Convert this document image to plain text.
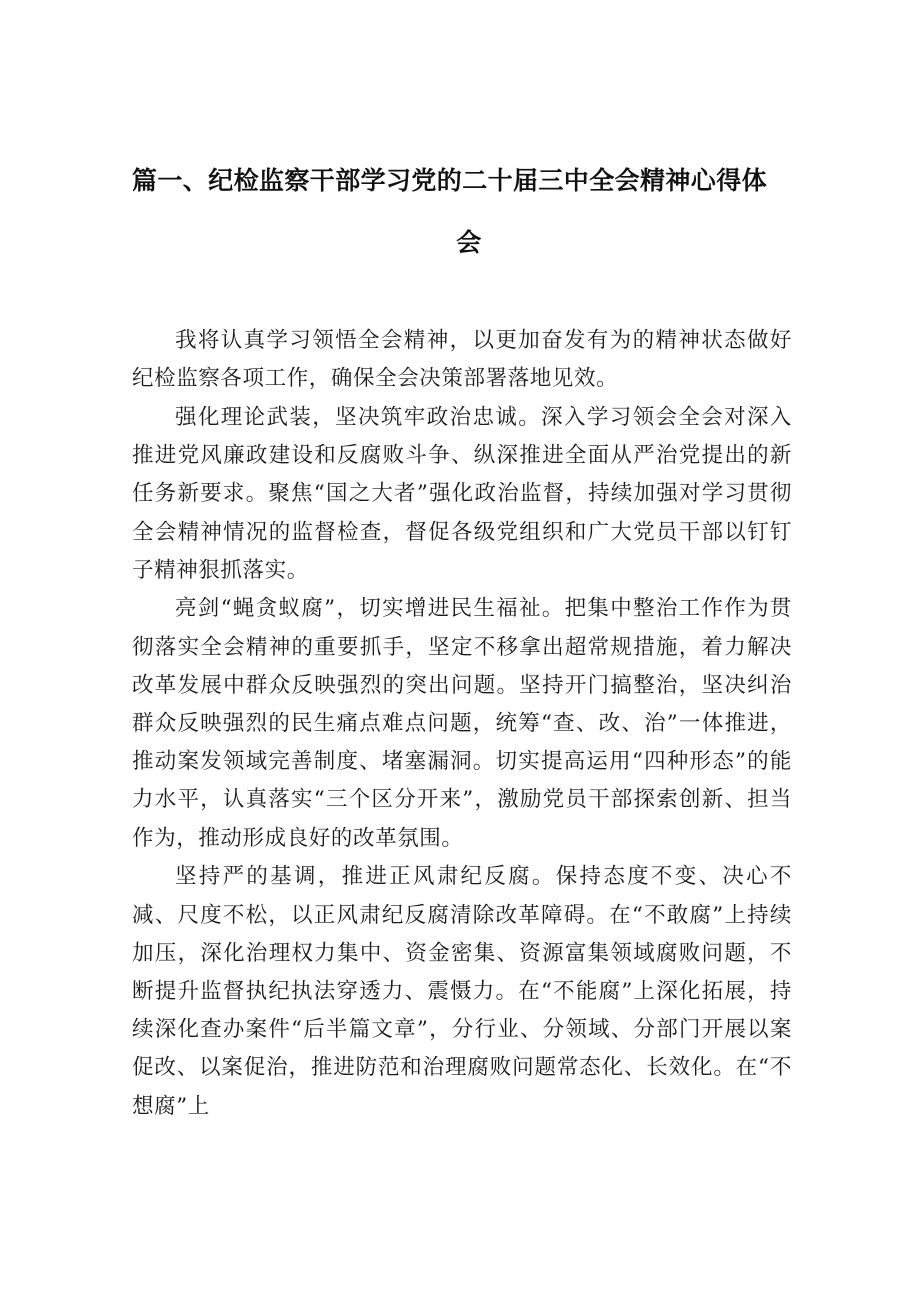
篇一、纪检监察干部学习党的二十届三中全会精神心得体
会

我将认真学习领悟全会精神，以更加奋发有为的精神状态做好纪检监察各项工作，确保全会决策部署落地见效。

强化理论武装，坚决筑牢政治忠诚。深入学习领会全会对深入推进党风廉政建设和反腐败斗争、纵深推进全面从严治党提出的新任务新要求。聚焦“国之大者”强化政治监督，持续加强对学习贯彻全会精神情况的监督检查，督促各级党组织和广大党员干部以钉钉子精神狠抓落实。

亮剑“蝇贪蚁腐”，切实增进民生福祉。把集中整治工作作为贯彻落实全会精神的重要抓手，坚定不移拿出超常规措施，着力解决改革发展中群众反映强烈的突出问题。坚持开门搞整治，坚决纠治群众反映强烈的民生痛点难点问题，统筹“查、改、治”一体推进，推动案发领域完善制度、堵塞漏洞。切实提高运用“四种形态”的能力水平，认真落实“三个区分开来”，激励党员干部探索创新、担当作为，推动形成良好的改革氛围。

坚持严的基调，推进正风肃纪反腐。保持态度不变、决心不减、尺度不松，以正风肃纪反腐清除改革障碍。在“不敢腐”上持续加压，深化治理权力集中、资金密集、资源富集领域腐败问题，不断提升监督执纪执法穿透力、震慑力。在“不能腐”上深化拓展，持续深化查办案件“后半篇文章”，分行业、分领域、分部门开展以案促改、以案促治，推进防范和治理腐败问题常态化、长效化。在“不想腐”上
